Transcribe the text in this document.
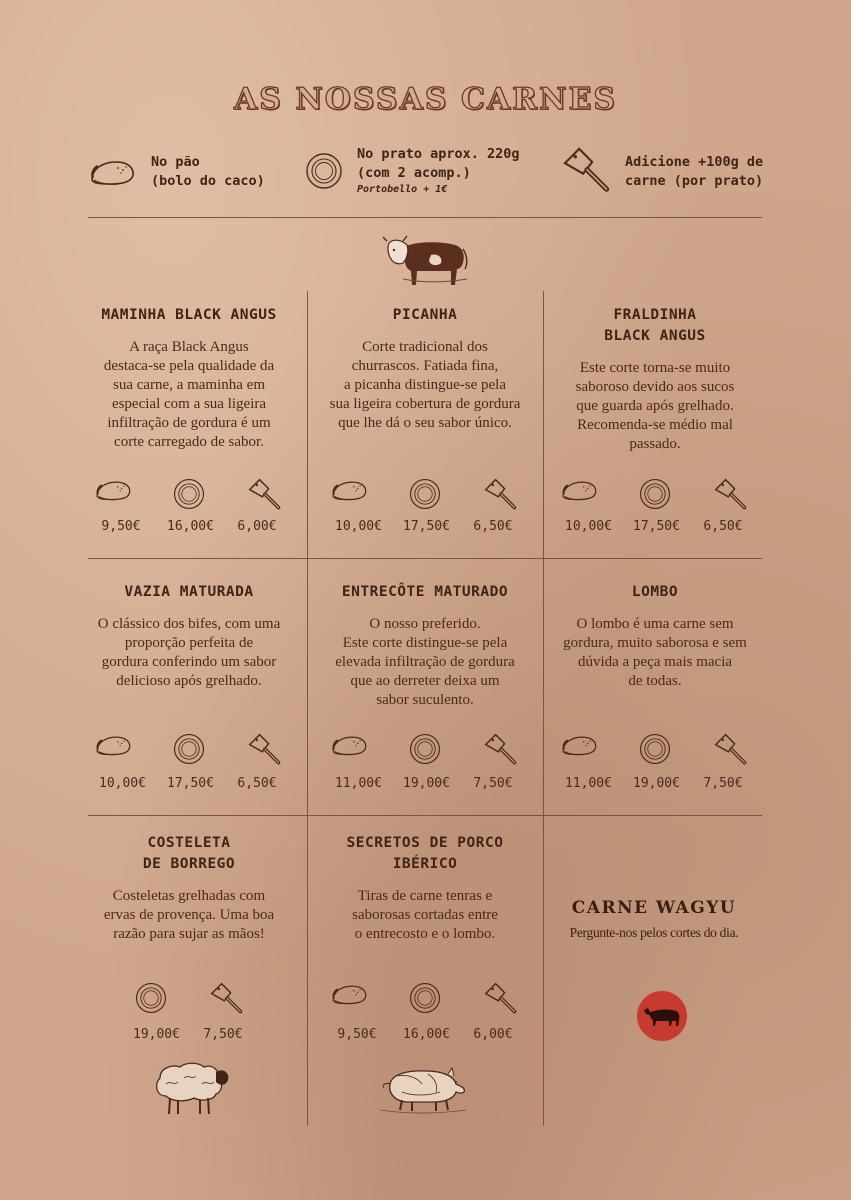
AS NOSSAS CARNES
No pão
(bolo do caco)
No prato aprox. 220g
(com 2 acomp.)
Portobello + 1€
Adicione +100g de
carne (por prato)
MAMINHA BLACK ANGUS
A raça Black Angus
destaca-se pela qualidade da
sua carne, a maminha em
especial com a sua ligeira
infiltração de gordura é um
corte carregado de sabor.
9,50€ 16,00€ 6,00€
PICANHA
Corte tradicional dos
churrascos. Fatiada fina,
a picanha distingue-se pela
sua ligeira cobertura de gordura
que lhe dá o seu sabor único.
10,00€ 17,50€ 6,50€
FRALDINHA
BLACK ANGUS
Este corte torna-se muito
saboroso devido aos sucos
que guarda após grelhado.
Recomenda-se médio mal
passado.
10,00€ 17,50€ 6,50€
VAZIA MATURADA
O clássico dos bifes, com uma
proporção perfeita de
gordura conferindo um sabor
delicioso após grelhado.
10,00€ 17,50€ 6,50€
ENTRECÔTE MATURADO
O nosso preferido.
Este corte distingue-se pela
elevada infiltração de gordura
que ao derreter deixa um
sabor suculento.
11,00€ 19,00€ 7,50€
LOMBO
O lombo é uma carne sem
gordura, muito saborosa e sem
dúvida a peça mais macia
de todas.
11,00€ 19,00€ 7,50€
COSTELETA
DE BORREGO
Costeletas grelhadas com
ervas de provença. Uma boa
razão para sujar as mãos!
19,00€ 7,50€
SECRETOS DE PORCO
IBÉRICO
Tiras de carne tenras e
saborosas cortadas entre
o entrecosto e o lombo.
9,50€ 16,00€ 6,00€
CARNE WAGYU
Pergunte-nos pelos cortes do dia.
